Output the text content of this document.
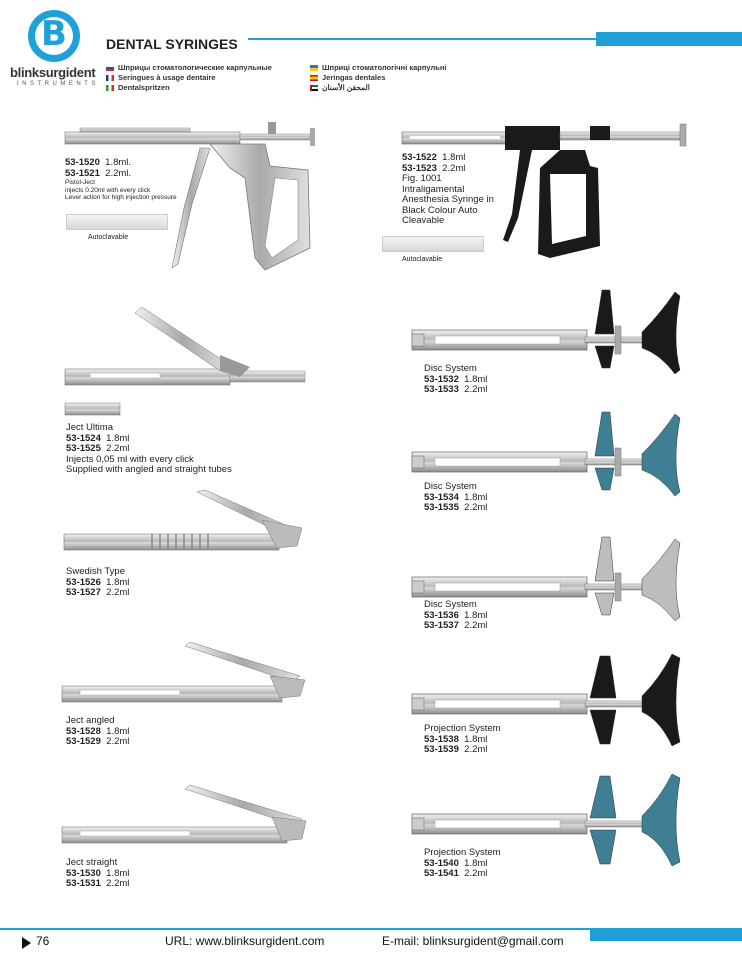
B
blinksurgident
INSTRUMENTS
DENTAL SYRINGES
Шприцы стоматологические карпульные
Seringues à usage dentaire
Dentalspritzen
Шприці стоматологічні карпульні
Jeringas dentales
المحقن الأسنان
53-1520 1.8ml.
53-1521 2.2ml.
Pistol-Ject
injects 0.20ml with every click
Lever action for high injection pressure
Autoclavable
53-1522 1.8ml
53-1523 2.2ml
Fig. 1001
Intraligamental
Anesthesia Syringe in
Black Colour Auto
Cleavable
Autoclavable
Ject Ultima
53-1524 1.8ml
53-1525 2.2ml
Injects 0,05 ml with every click
Supplied with angled and straight tubes
Swedish Type
53-1526 1.8ml
53-1527 2.2ml
Ject angled
53-1528 1.8ml
53-1529 2.2ml
Ject straight
53-1530 1.8ml
53-1531 2.2ml
Disc System
53-1532 1.8ml
53-1533 2.2ml
Disc System
53-1534 1.8ml
53-1535 2.2ml
Disc System
53-1536 1.8ml
53-1537 2.2ml
Projection System
53-1538 1.8ml
53-1539 2.2ml
Projection System
53-1540 1.8ml
53-1541 2.2ml
76	URL: www.blinksurgident.com	E-mail: blinksurgident@gmail.com
